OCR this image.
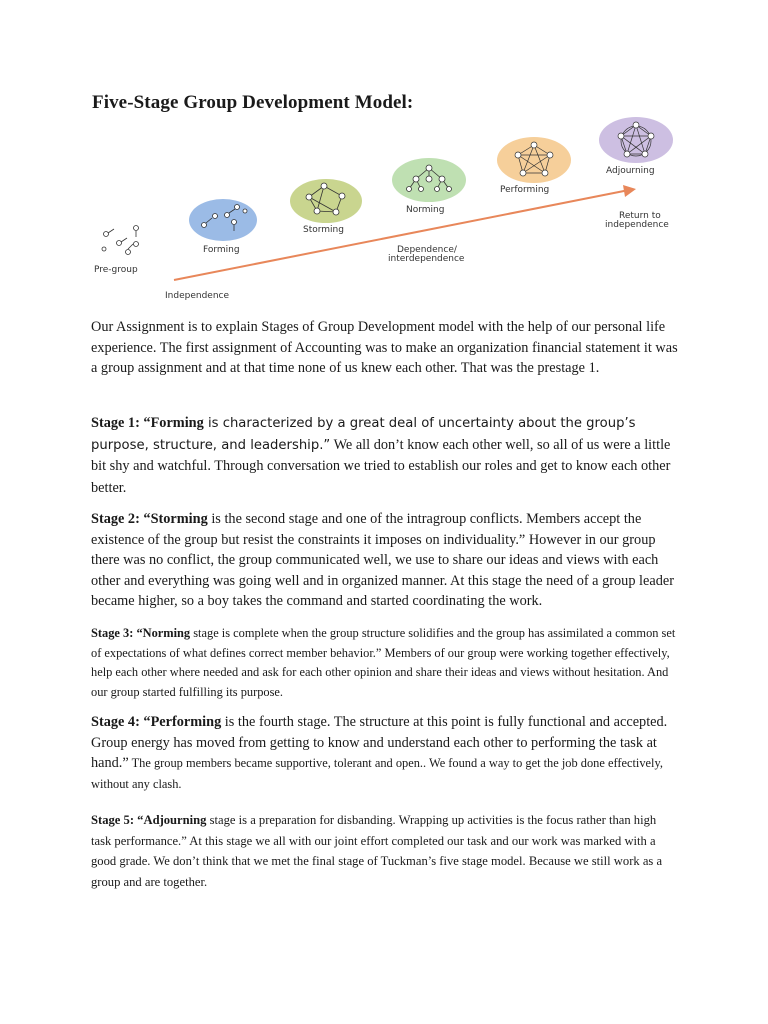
Five-Stage Group Development Model:
Pre-group
Forming
Storming
Norming
Performing
Adjourning
Return to
independence
Dependence/
interdependence
Independence

Our Assignment is to explain Stages of Group Development model with the help of our personal life experience. The first assignment of Accounting was to make an organization financial statement it was a group assignment and at that time none of us knew each other. That was the prestage 1.

Stage 1: “Forming is characterized by a great deal of uncertainty about the group’s purpose, structure, and leadership.” We all don’t know each other well, so all of us were a little bit shy and watchful. Through conversation we tried to establish our roles and get to know each other better.

Stage 2: “Storming is the second stage and one of the intragroup conflicts. Members accept the existence of the group but resist the constraints it imposes on individuality.” However in our group there was no conflict, the group communicated well, we use to share our ideas and views with each other and everything was going well and in organized manner. At this stage the need of a group leader became higher, so a boy takes the command and started coordinating the work.

Stage 3: “Norming stage is complete when the group structure solidifies and the group has assimilated a common set of expectations of what defines correct member behavior.” Members of our group were working together effectively, help each other where needed and ask for each other opinion and share their ideas and views without hesitation. And our group started fulfilling its purpose.

Stage 4: “Performing is the fourth stage. The structure at this point is fully functional and accepted. Group energy has moved from getting to know and understand each other to performing the task at hand.” The group members became supportive, tolerant and open.. We found a way to get the job done effectively, without any clash.

Stage 5: “Adjourning stage is a preparation for disbanding. Wrapping up activities is the focus rather than high task performance.” At this stage we all with our joint effort completed our task and our work was marked with a good grade. We don’t think that we met the final stage of Tuckman’s five stage model. Because we still work as a group and are together.
